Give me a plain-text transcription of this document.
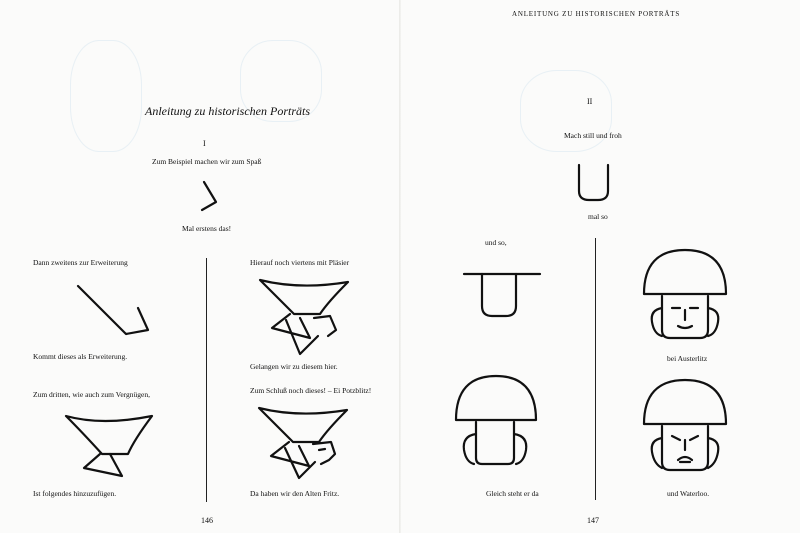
Anleitung zu historischen Porträts
I
Zum Beispiel machen wir zum Spaß
Mal erstens das!
Dann zweitens zur Erweiterung
Kommt dieses als Erweiterung.
Zum dritten, wie auch zum Vergnügen,
Ist folgendes hinzuzufügen.
Hierauf noch viertens mit Pläsier
Gelangen wir zu diesem hier.
Zum Schluß noch dieses! – Ei Potzblitz!
Da haben wir den Alten Fritz.
146
ANLEITUNG ZU HISTORISCHEN PORTRÄTS
II
Mach still und froh
mal so
und so,
Gleich steht er da
bei Austerlitz
und Waterloo.
147
